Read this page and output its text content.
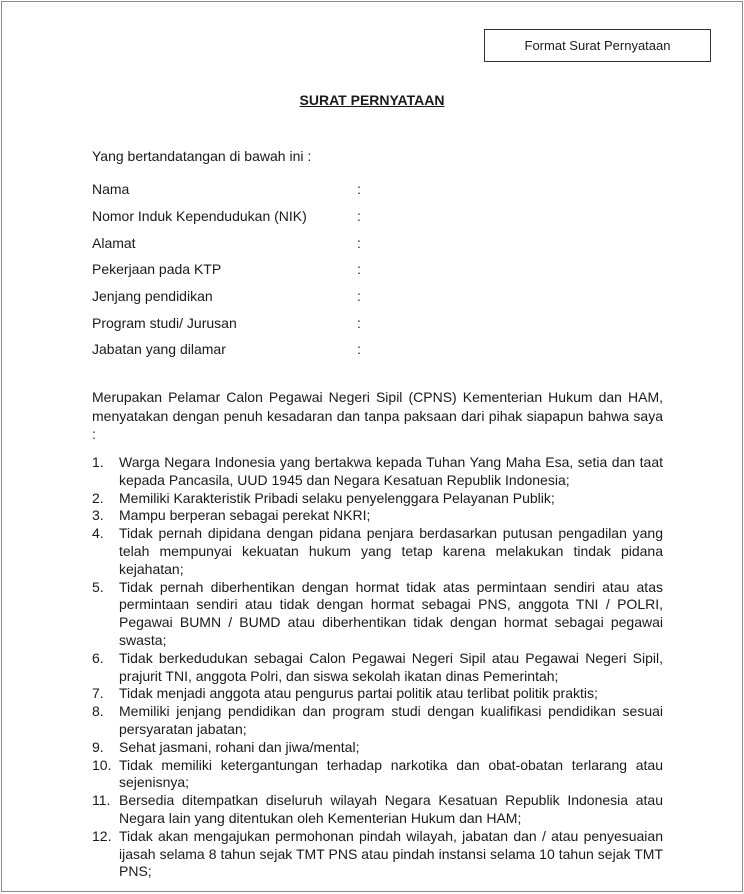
Format Surat Pernyataan
SURAT PERNYATAAN
Yang bertandatangan di bawah ini :
Nama	:
Nomor Induk Kependudukan (NIK)	:
Alamat	:
Pekerjaan pada KTP	:
Jenjang pendidikan	:
Program studi/ Jurusan	:
Jabatan yang dilamar	:
Merupakan Pelamar Calon Pegawai Negeri Sipil (CPNS) Kementerian Hukum dan HAM, menyatakan dengan penuh kesadaran dan tanpa paksaan dari pihak siapapun bahwa saya :
1.	Warga Negara Indonesia yang bertakwa kepada Tuhan Yang Maha Esa, setia dan taat kepada Pancasila, UUD 1945 dan Negara Kesatuan Republik Indonesia;
2.	Memiliki Karakteristik Pribadi selaku penyelenggara Pelayanan Publik;
3.	Mampu berperan sebagai perekat NKRI;
4.	Tidak pernah dipidana dengan pidana penjara berdasarkan putusan pengadilan yang telah mempunyai kekuatan hukum yang tetap karena melakukan tindak pidana kejahatan;
5.	Tidak pernah diberhentikan dengan hormat tidak atas permintaan sendiri atau atas permintaan sendiri atau tidak dengan hormat sebagai PNS, anggota TNI / POLRI, Pegawai BUMN / BUMD atau diberhentikan tidak dengan hormat sebagai pegawai swasta;
6.	Tidak berkedudukan sebagai Calon Pegawai Negeri Sipil atau Pegawai Negeri Sipil, prajurit TNI, anggota Polri, dan siswa sekolah ikatan dinas Pemerintah;
7.	Tidak menjadi anggota atau pengurus partai politik atau terlibat politik praktis;
8.	Memiliki jenjang pendidikan dan program studi dengan kualifikasi pendidikan sesuai persyaratan jabatan;
9.	Sehat jasmani, rohani dan jiwa/mental;
10. Tidak memiliki ketergantungan terhadap narkotika dan obat-obatan terlarang atau sejenisnya;
11. Bersedia ditempatkan diseluruh wilayah Negara Kesatuan Republik Indonesia atau Negara lain yang ditentukan oleh Kementerian Hukum dan HAM;
12. Tidak akan mengajukan permohonan pindah wilayah, jabatan dan / atau penyesuaian ijasah selama 8 tahun sejak TMT PNS atau pindah instansi selama 10 tahun sejak TMT PNS;
